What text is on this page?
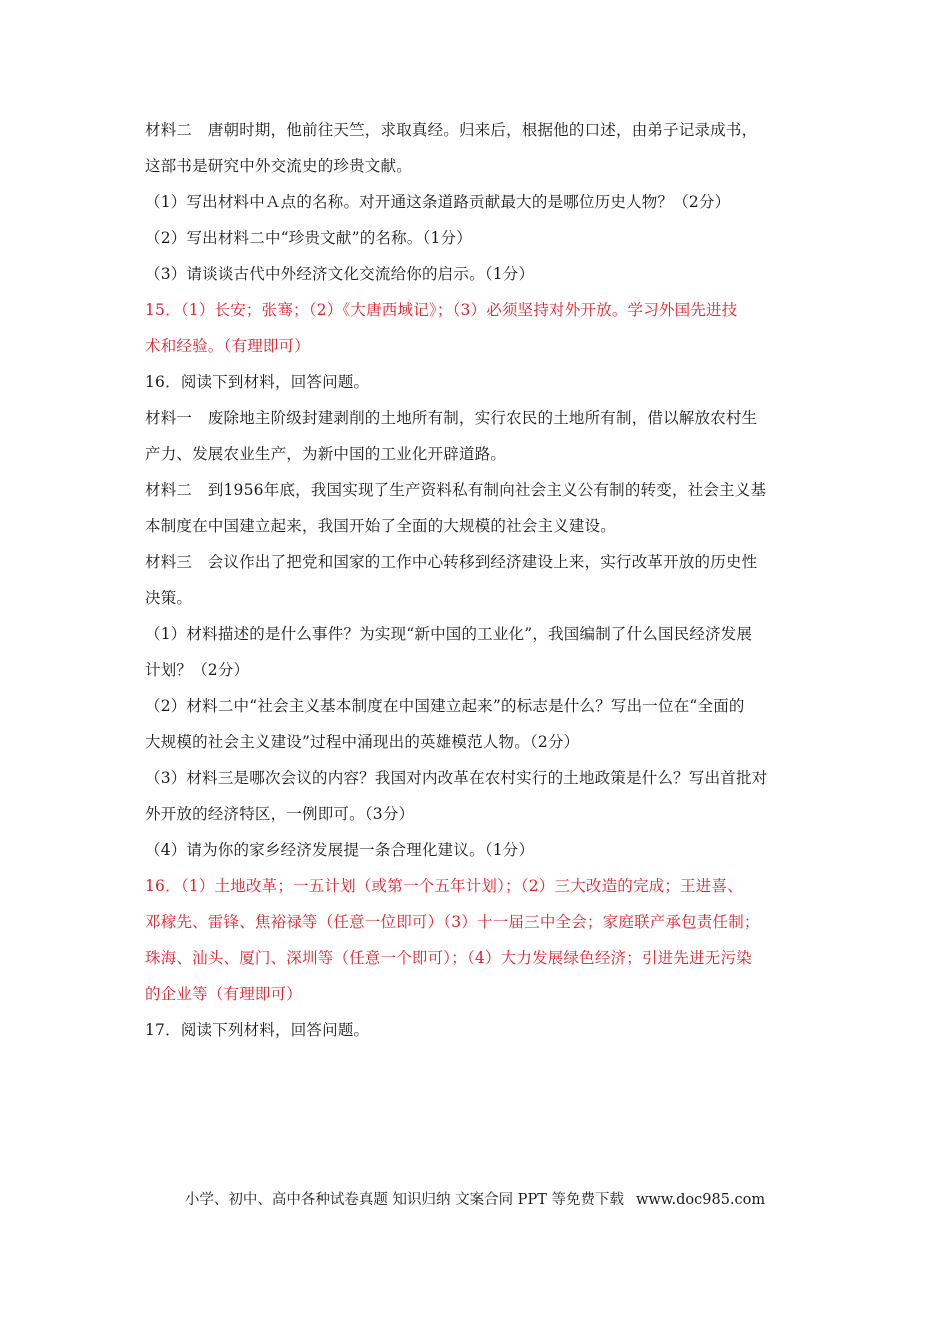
材料二　唐朝时期，他前往天竺，求取真经。归来后，根据他的口述，由弟子记录成书，
这部书是研究中外交流史的珍贵文献。
（1）写出材料中Ａ点的名称。对开通这条道路贡献最大的是哪位历史人物？（2分）
（2）写出材料二中“珍贵文献”的名称。（1分）
（3）请谈谈古代中外经济文化交流给你的启示。（1分）
15．（1）长安；张骞；（2）《大唐西域记》；（3）必须坚持对外开放。学习外国先进技
术和经验。（有理即可）
16．阅读下到材料，回答问题。
材料一　废除地主阶级封建剥削的土地所有制，实行农民的土地所有制，借以解放农村生
产力、发展农业生产，为新中国的工业化开辟道路。
材料二　到1956年底，我国实现了生产资料私有制向社会主义公有制的转变，社会主义基
本制度在中国建立起来，我国开始了全面的大规模的社会主义建设。
材料三　会议作出了把党和国家的工作中心转移到经济建设上来，实行改革开放的历史性
决策。
（1）材料描述的是什么事件？为实现“新中国的工业化”，我国编制了什么国民经济发展
计划？（2分）
（2）材料二中“社会主义基本制度在中国建立起来”的标志是什么？写出一位在“全面的
大规模的社会主义建设”过程中涌现出的英雄模范人物。（2分）
（3）材料三是哪次会议的内容？我国对内改革在农村实行的土地政策是什么？写出首批对
外开放的经济特区，一例即可。（3分）
（4）请为你的家乡经济发展提一条合理化建议。（1分）
16．（1）土地改革；一五计划（或第一个五年计划）；（2）三大改造的完成；王进喜、
邓稼先、雷锋、焦裕禄等（任意一位即可）（3）十一届三中全会；家庭联产承包责任制；
珠海、汕头、厦门、深圳等（任意一个即可）；（4）大力发展绿色经济；引进先进无污染
的企业等（有理即可）
17．阅读下列材料，回答问题。
小学、初中、高中各种试卷真题 知识归纳 文案合同 PPT 等免费下载 www.doc985.com
